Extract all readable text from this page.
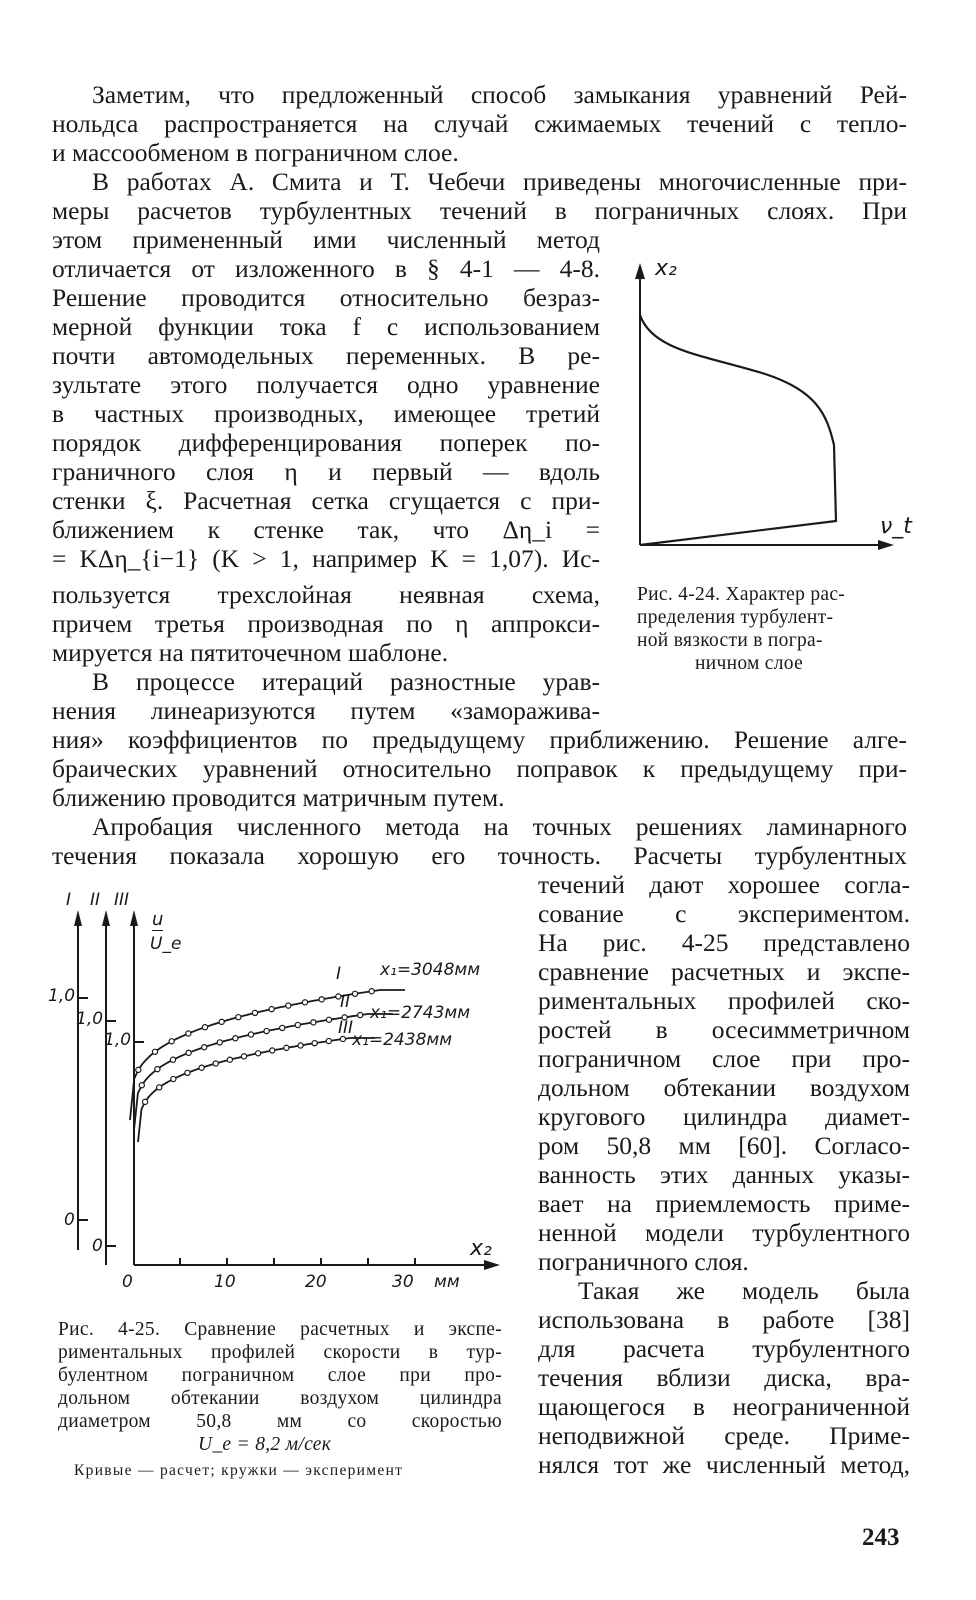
Заметим, что предложенный способ замыкания уравнений Рей-
нольдса распространяется на случай сжимаемых течений с тепло-
и массообменом в пограничном слое.
В работах А. Смита и Т. Чебечи приведены многочисленные при-
меры расчетов турбулентных течений в пограничных слоях. При
этом примененный ими численный метод
отличается от изложенного в § 4-1 — 4-8.
Решение проводится относительно безраз-
мерной функции тока f с использованием
почти автомодельных переменных. В ре-
зультате этого получается одно уравнение
в частных производных, имеющее третий
порядок дифференцирования поперек по-
граничного слоя η и первый — вдоль
стенки ξ. Расчетная сетка сгущается с при-
ближением к стенке так, что Δη_i =
= KΔη_{i−1} (K > 1, например K = 1,07). Ис-
пользуется трехслойная неявная схема,
причем третья производная по η аппрокси-
мируется на пятиточечном шаблоне.
В процессе итераций разностные урав-
нения линеаризуются путем «заморажива-
x₂
ν_t
Рис. 4-24. Характер рас-
пределения турбулент-
ной вязкости в погра-
ничном слое
ния» коэффициентов по предыдущему приближению. Решение алге-
браических уравнений относительно поправок к предыдущему при-
ближению проводится матричным путем.
Апробация численного метода на точных решениях ламинарного
течения показала хорошую его точность. Расчеты турбулентных
течений дают хорошее согла-
сование с экспериментом.
На рис. 4-25 представлено
сравнение расчетных и экспе-
риментальных профилей ско-
ростей в осесимметричном
пограничном слое при про-
дольном обтекании воздухом
кругового цилиндра диамет-
ром 50,8 мм [60]. Согласо-
ванность этих данных указы-
вает на приемлемость приме-
ненной модели турбулентного
пограничного слоя.
Такая же модель была
использована в работе [38]
для расчета турбулентного
течения вблизи диска, вра-
щающегося в неограниченной
неподвижной среде. Приме-
нялся тот же численный метод,
I II III
u
U_e
1,0
1,0
1,0
0
0	x₂
0	10	20	30 мм
I x₁=3048мм
II
x₁=2743мм
III
x₁=2438мм
Рис. 4-25. Сравнение расчетных и экспе-
риментальных профилей скорости в тур-
булентном пограничном слое при про-
дольном обтекании воздухом цилиндра
диаметром 50,8 мм со скоростью
U_e = 8,2 м/сек
Кривые — расчет; кружки — эксперимент
243
